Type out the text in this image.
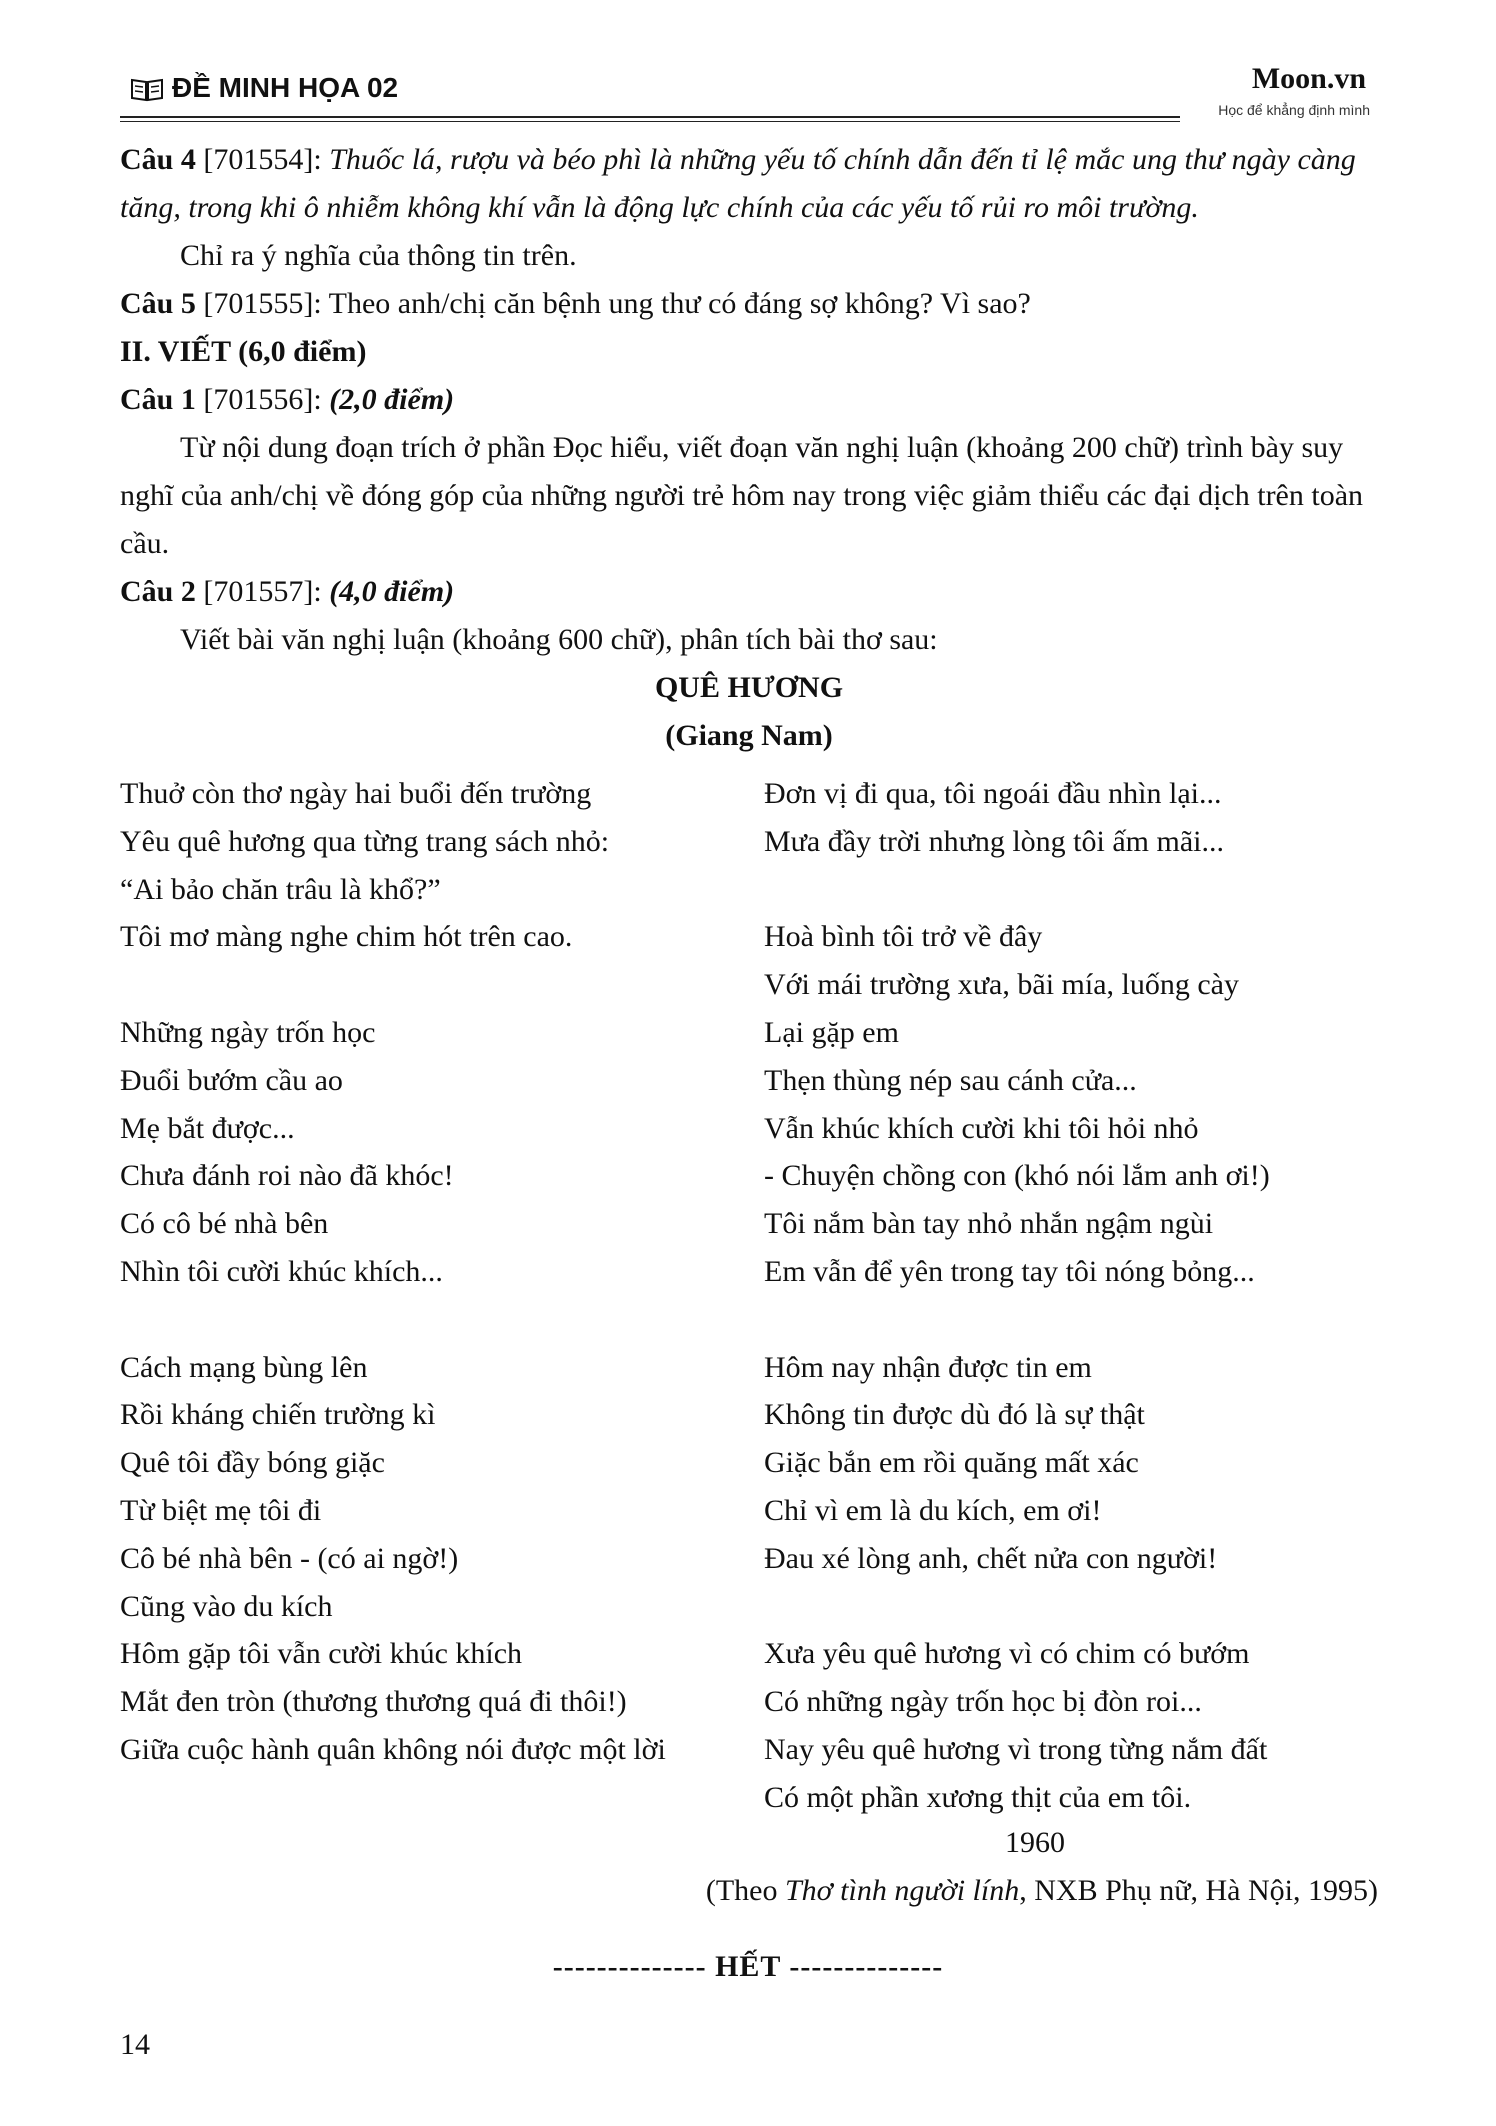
ĐỀ MINH HỌA 02	Moon.vn
Học để khẳng định mình

Câu 4 [701554]: Thuốc lá, rượu và béo phì là những yếu tố chính dẫn đến tỉ lệ mắc ung thư ngày càng tăng, trong khi ô nhiễm không khí vẫn là động lực chính của các yếu tố rủi ro môi trường.

Chỉ ra ý nghĩa của thông tin trên.

Câu 5 [701555]: Theo anh/chị căn bệnh ung thư có đáng sợ không? Vì sao?

II. VIẾT (6,0 điểm)

Câu 1 [701556]: (2,0 điểm)

Từ nội dung đoạn trích ở phần Đọc hiểu, viết đoạn văn nghị luận (khoảng 200 chữ) trình bày suy nghĩ của anh/chị về đóng góp của những người trẻ hôm nay trong việc giảm thiểu các đại dịch trên toàn cầu.

Câu 2 [701557]: (4,0 điểm)

Viết bài văn nghị luận (khoảng 600 chữ), phân tích bài thơ sau:

QUÊ HƯƠNG

(Giang Nam)

Thuở còn thơ ngày hai buổi đến trường
Yêu quê hương qua từng trang sách nhỏ:
“Ai bảo chăn trâu là khổ?”
Tôi mơ màng nghe chim hót trên cao.
Những ngày trốn học
Đuổi bướm cầu ao
Mẹ bắt được...
Chưa đánh roi nào đã khóc!
Có cô bé nhà bên
Nhìn tôi cười khúc khích...
Cách mạng bùng lên
Rồi kháng chiến trường kì
Quê tôi đầy bóng giặc
Từ biệt mẹ tôi đi
Cô bé nhà bên - (có ai ngờ!)
Cũng vào du kích
Hôm gặp tôi vẫn cười khúc khích
Mắt đen tròn (thương thương quá đi thôi!)
Giữa cuộc hành quân không nói được một lời
Đơn vị đi qua, tôi ngoái đầu nhìn lại...
Mưa đầy trời nhưng lòng tôi ấm mãi...
Hoà bình tôi trở về đây
Với mái trường xưa, bãi mía, luống cày
Lại gặp em
Thẹn thùng nép sau cánh cửa...
Vẫn khúc khích cười khi tôi hỏi nhỏ
- Chuyện chồng con (khó nói lắm anh ơi!)
Tôi nắm bàn tay nhỏ nhắn ngậm ngùi
Em vẫn để yên trong tay tôi nóng bỏng...
Hôm nay nhận được tin em
Không tin được dù đó là sự thật
Giặc bắn em rồi quăng mất xác
Chỉ vì em là du kích, em ơi!
Đau xé lòng anh, chết nửa con người!
Xưa yêu quê hương vì có chim có bướm
Có những ngày trốn học bị đòn roi...
Nay yêu quê hương vì trong từng nắm đất
Có một phần xương thịt của em tôi.
1960
(Theo Thơ tình người lính, NXB Phụ nữ, Hà Nội, 1995)
-------------- HẾT --------------
14
